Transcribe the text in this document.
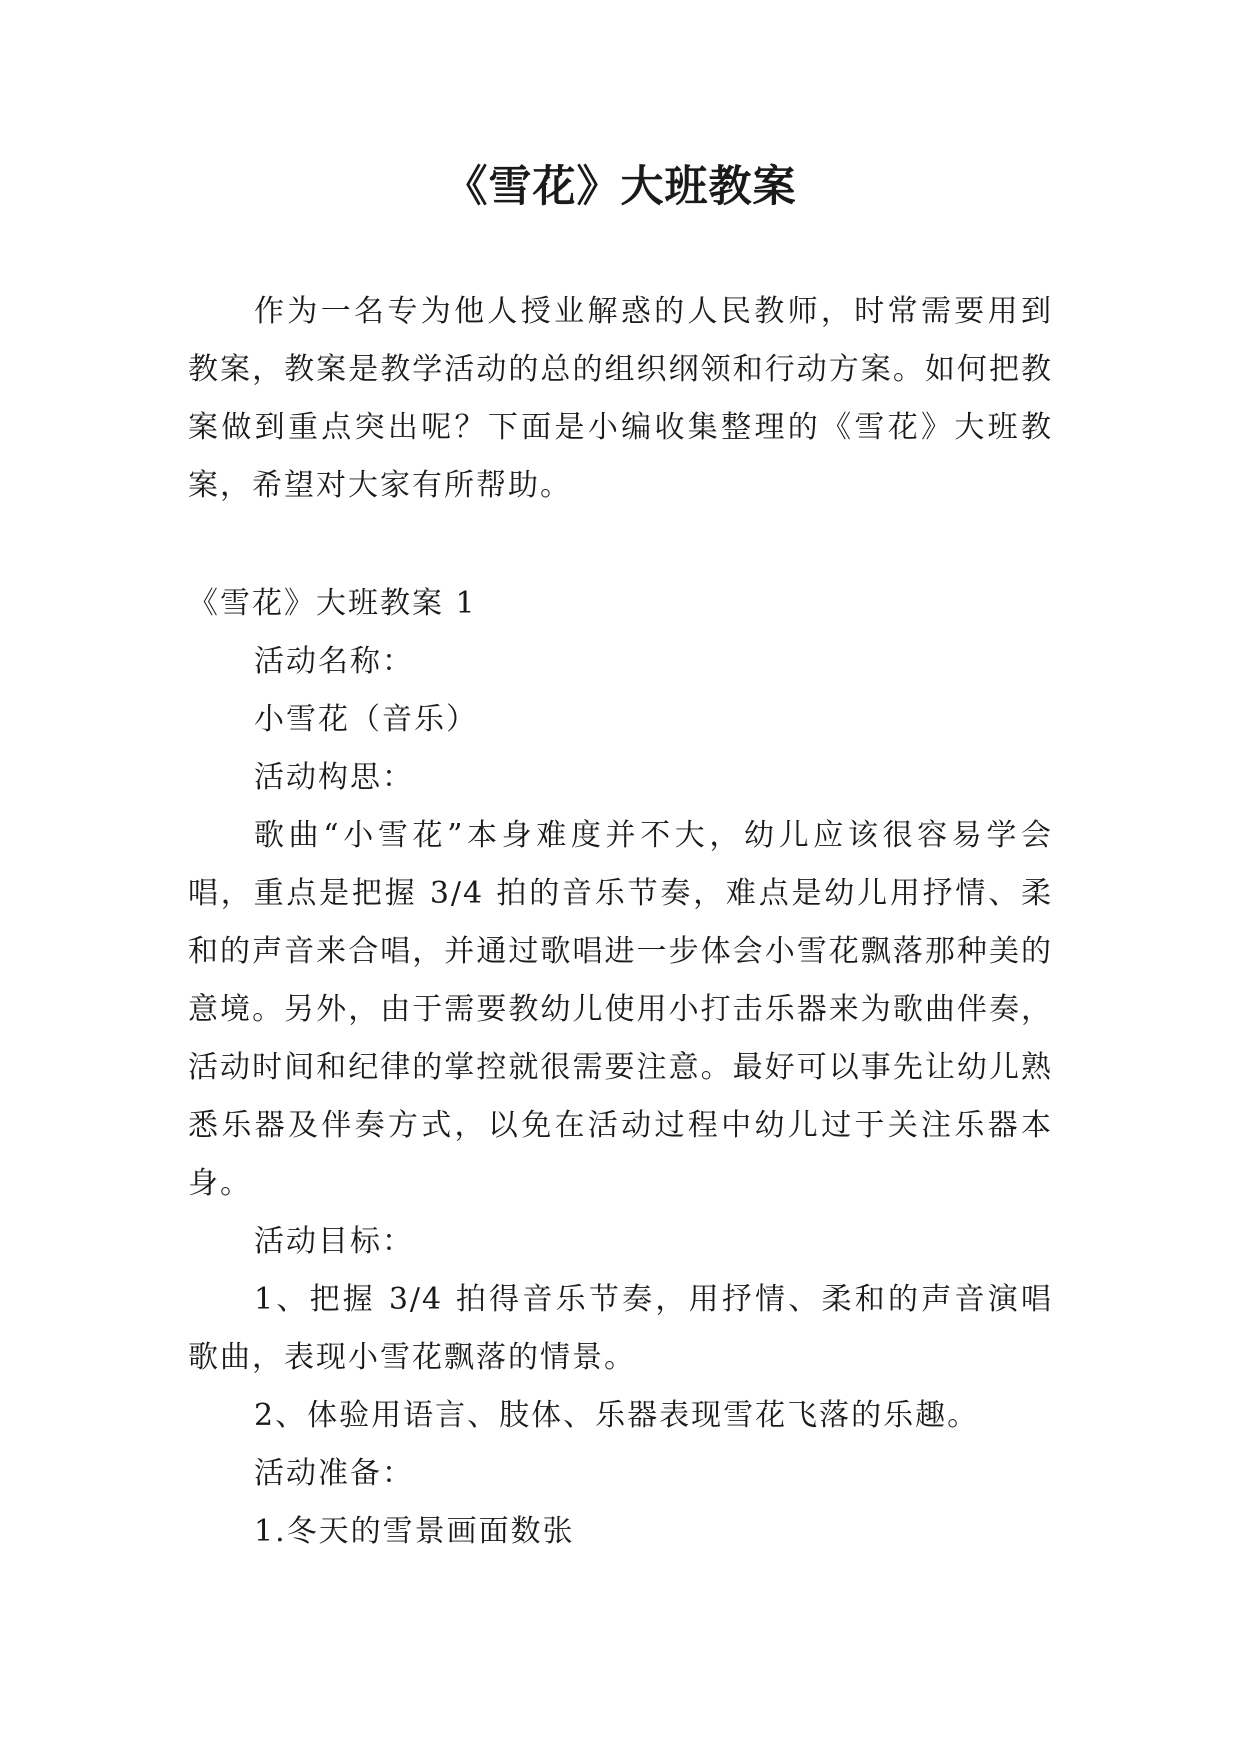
《雪花》大班教案

作为一名专为他人授业解惑的人民教师，时常需要用到教案，教案是教学活动的总的组织纲领和行动方案。如何把教案做到重点突出呢？下面是小编收集整理的《雪花》大班教案，希望对大家有所帮助。

《雪花》大班教案 1

活动名称：

小雪花（音乐）

活动构思：

歌曲“小雪花”本身难度并不大，幼儿应该很容易学会唱，重点是把握 3/4 拍的音乐节奏，难点是幼儿用抒情、柔和的声音来合唱，并通过歌唱进一步体会小雪花飘落那种美的意境。另外，由于需要教幼儿使用小打击乐器来为歌曲伴奏，活动时间和纪律的掌控就很需要注意。最好可以事先让幼儿熟悉乐器及伴奏方式，以免在活动过程中幼儿过于关注乐器本身。

活动目标：

1、把握 3/4 拍得音乐节奏，用抒情、柔和的声音演唱歌曲，表现小雪花飘落的情景。

2、体验用语言、肢体、乐器表现雪花飞落的乐趣。

活动准备：

1.冬天的雪景画面数张
